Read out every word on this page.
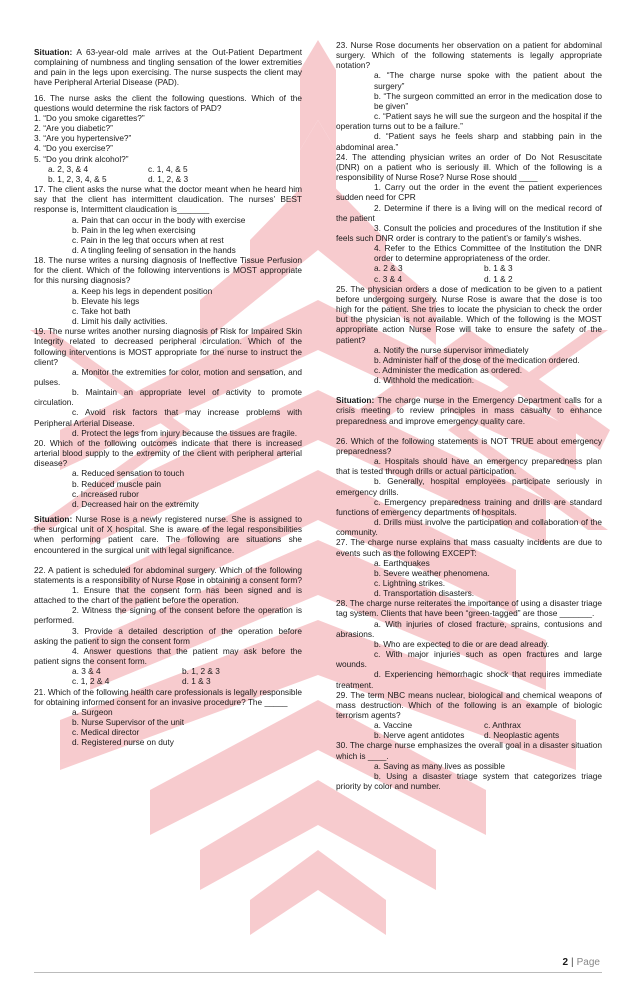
Situation: A 63-year-old male arrives at the Out-Patient Department complaining of numbness and tingling sensation of the lower extremities and pain in the legs upon exercising. The nurse suspects the client may have Peripheral Arterial Disease (PAD).

16. The nurse asks the client the following questions. Which of the questions would determine the risk factors of PAD?

1. “Do you smoke cigarettes?”

2. “Are you diabetic?”

3. “Are you hypertensive?”

4. “Do you exercise?”

5. “Do you drink alcohol?”

a. 2, 3, & 4	c. 1, 4, & 5
b. 1, 2, 3, 4, & 5	d. 1, 2, & 3

17. The client asks the nurse what the doctor meant when he heard him say that the client has intermittent claudication. The nurses’ BEST response is, Intermittent claudication is_______

a. Pain that can occur in the body with exercise

b. Pain in the leg when exercising

c. Pain in the leg that occurs when at rest

d. A tingling feeling of sensation in the hands

18. The nurse writes a nursing diagnosis of Ineffective Tissue Perfusion for the client. Which of the following interventions is MOST appropriate for this nursing diagnosis?

a. Keep his legs in dependent position

b. Elevate his legs

c. Take hot bath

d. Limit his daily activities.

19. The nurse writes another nursing diagnosis of Risk for Impaired Skin Integrity related to decreased peripheral circulation. Which of the following interventions is MOST appropriate for the nurse to instruct the client?

a. Monitor the extremities for color, motion and sensation, and pulses.

b. Maintain an appropriate level of activity to promote circulation.

c. Avoid risk factors that may increase problems with Peripheral Arterial Disease.

d. Protect the legs from injury because the tissues are fragile.

20. Which of the following outcomes indicate that there is increased arterial blood supply to the extremity of the client with peripheral arterial disease?

a. Reduced sensation to touch

b. Reduced muscle pain

c. Increased rubor

d. Decreased hair on the extremity

Situation: Nurse Rose is a newly registered nurse. She is assigned to the surgical unit of X hospital. She is aware of the legal responsibilities when performing patient care. The following are situations she encountered in the surgical unit with legal significance.

22. A patient is scheduled for abdominal surgery. Which of the following statements is a responsibility of Nurse Rose in obtaining a consent form?

1. Ensure that the consent form has been signed and is attached to the chart of the patient before the operation.

2. Witness the signing of the consent before the operation is performed.

3. Provide a detailed description of the operation before asking the patient to sign the consent form

4. Answer questions that the patient may ask before the patient signs the consent form.

a. 3 & 4	b. 1, 2 & 3
c. 1, 2 & 4	d. 1 & 3

21. Which of the following health care professionals is legally responsible for obtaining informed consent for an invasive procedure? The _____

a. Surgeon

b. Nurse Supervisor of the unit

c. Medical director

d. Registered nurse on duty

23. Nurse Rose documents her observation on a patient for abdominal surgery. Which of the following statements is legally appropriate notation?

a. “The charge nurse spoke with the patient about the surgery”

b. “The surgeon committed an error in the medication dose to be given”

c. “Patient says he will sue the surgeon and the hospital if the operation turns out to be a failure.”

d. “Patient says he feels sharp and stabbing pain in the abdominal area.”

24. The attending physician writes an order of Do Not Resuscitate (DNR) on a patient who is seriously ill. Which of the following is a responsibility of Nurse Rose? Nurse Rose should ____

1. Carry out the order in the event the patient experiences sudden need for CPR

2. Determine if there is a living will on the medical record of the patient

3. Consult the policies and procedures of the Institution if she feels such DNR order is contrary to the patient’s or family’s wishes.

4. Refer to the Ethics Committee of the Institution the DNR order to determine appropriateness of the order.

a. 2 & 3	b. 1 & 3
c. 3 & 4	d. 1 & 2

25. The physician orders a dose of medication to be given to a patient before undergoing surgery. Nurse Rose is aware that the dose is too high for the patient. She tries to locate the physician to check the order but the physician is not available. Which of the following is the MOST appropriate action Nurse Rose will take to ensure the safety of the patient?

a. Notify the nurse supervisor immediately

b. Administer half of the dose of the medication ordered.

c. Administer the medication as ordered.

d. Withhold the medication.

Situation: The charge nurse in the Emergency Department calls for a crisis meeting to review principles in mass casualty to enhance preparedness and improve emergency quality care.

26. Which of the following statements is NOT TRUE about emergency preparedness?

a. Hospitals should have an emergency preparedness plan that is tested through drills or actual participation.

b. Generally, hospital employees participate seriously in emergency drills.

c. Emergency preparedness training and drills are standard functions of emergency departments of hospitals.

d. Drills must involve the participation and collaboration of the community.

27. The charge nurse explains that mass casualty incidents are due to events such as the following EXCEPT:

a. Earthquakes

b. Severe weather phenomena.

c. Lightning strikes.

d. Transportation disasters.

28. The charge nurse reiterates the importance of using a disaster triage tag system. Clients that have been “green-tagged” are those _______.

a. With injuries of closed fracture, sprains, contusions and abrasions.

b. Who are expected to die or are dead already.

c. With major injuries such as open fractures and large wounds.

d. Experiencing hemorrhagic shock that requires immediate treatment.

29. The term NBC means nuclear, biological and chemical weapons of mass destruction. Which of the following is an example of biologic terrorism agents?

a. Vaccine	c. Anthrax
b. Nerve agent antidotes	d. Neoplastic agents

30. The charge nurse emphasizes the overall goal in a disaster situation which is ____.

a. Saving as many lives as possible

b. Using a disaster triage system that categorizes triage priority by color and number.

2 | Page
